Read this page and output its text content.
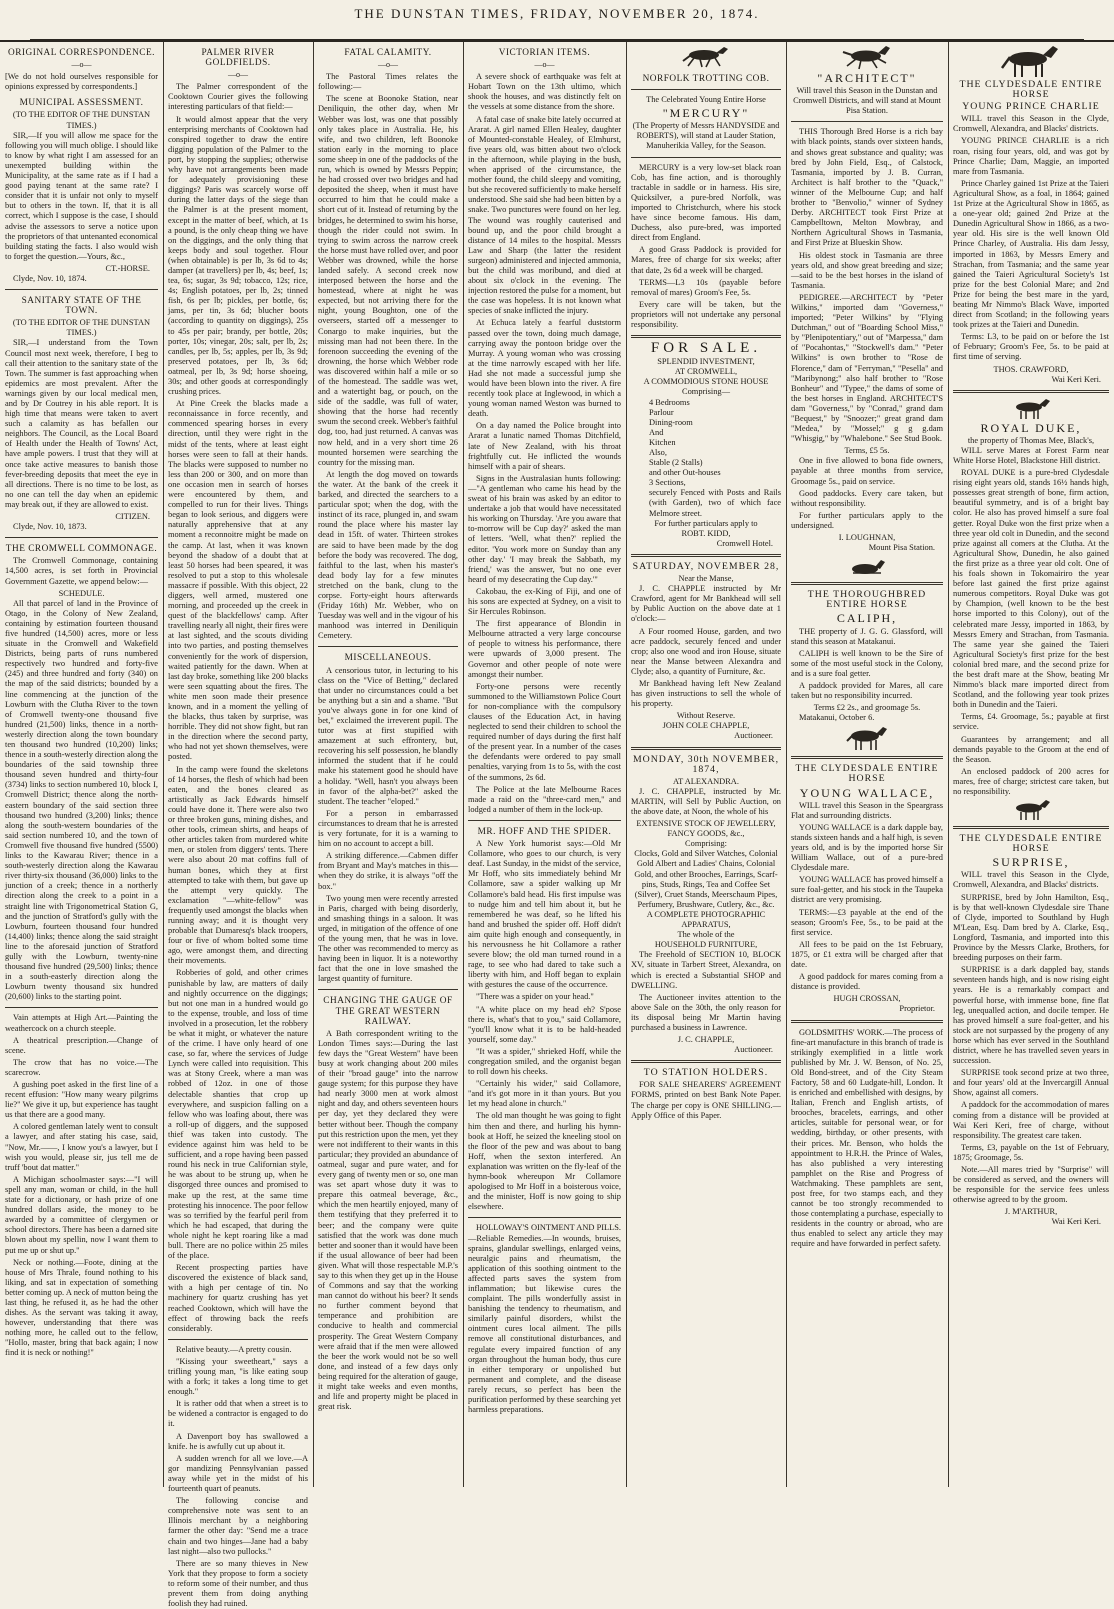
THE DUNSTAN TIMES, FRIDAY, NOVEMBER 20, 1874.
ORIGINAL CORRESPONDENCE.
—o—

[We do not hold ourselves responsible for opinions expressed by correspondents.]

MUNICIPAL ASSESSMENT.
(TO THE EDITOR OF THE DUNSTAN TIMES.)

SIR,—If you will allow me space for the following you will much oblige. I should like to know by what right I am assessed for an unexempted building within the Municipality, at the same rate as if I had a good paying tenant at the same rate? I consider that it is unfair not only to myself but to others in the town. If, that it is all correct, which I suppose is the case, I should advise the assessors to serve a notice upon the proprietors of that untenanted economical building stating the facts. I also would wish to forget the question.—Yours, &c.,

CT.-HORSE.

Clyde, Nov. 10, 1874.

SANITARY STATE OF THE TOWN.
(TO THE EDITOR OF THE DUNSTAN TIMES.)

SIR,—I understand from the Town Council most next week, therefore, I beg to call their attention to the sanitary state of the Town. The summer is fast approaching when epidemics are most prevalent. After the warnings given by our local medical men, and by Dr Coutrey in his able report. It is high time that means were taken to avert such a calamity as has befallen our neighbors. The Council, as the Local Board of Health under the Health of Towns' Act, have ample powers. I trust that they will at once take active measures to banish those fever-breeding deposits that meet the eye in all directions. There is no time to be lost, as no one can tell the day when an epidemic may break out, if they are allowed to exist.

CITIZEN.

Clyde, Nov. 10, 1873.

THE CROMWELL COMMONAGE.

The Cromwell Commonage, containing 14,500 acres, is set forth in Provincial Government Gazette, we append below:—

SCHEDULE.

All that parcel of land in the Province of Otago, in the Colony of New Zealand, containing by estimation fourteen thousand five hundred (14,500) acres, more or less situate in the Cromwell and Wakefield Districts, being parts of runs numbered respectively two hundred and forty-five (245) and three hundred and forty (340) on the map of the said districts; bounded by a line commencing at the junction of the Lowburn with the Clutha River to the town of Cromwell twenty-one thousand five hundred (21,500) links, thence in a north-westerly direction along the town boundary ten thousand two hundred (10,200) links; thence in a south-westerly direction along the boundaries of the said township three thousand seven hundred and thirty-four (3734) links to section numbered 10, block I, Cromwell District; thence along the north-eastern boundary of the said section three thousand two hundred (3,200) links; thence along the south-western boundaries of the said section numbered 10, and the town of Cromwell five thousand five hundred (5500) links to the Kawarau River; thence in a south-westerly direction along the Kawarau river thirty-six thousand (36,000) links to the junction of a creek; thence in a northerly direction along the creek to a point in a straight line with Trigonometrical Station G, and the junction of Stratford's gully with the Lowburn, fourteen thousand four hundred (14,400) links; thence along the said straight line to the aforesaid junction of Stratford gully with the Lowburn, twenty-nine thousand five hundred (29,500) links; thence in a south-easterly direction along the Lowburn twenty thousand six hundred (20,600) links to the starting point.

Vain attempts at High Art.—Painting the weathercock on a church steeple.

A theatrical prescription.—Change of scene.

The crow that has no voice.—The scarecrow.

A gushing poet asked in the first line of a recent effusion: "How many weary pilgrims lie?" We give it up, but experience has taught us that there are a good many.

A colored gentleman lately went to consult a lawyer, and after stating his case, said, "Now, Mr.——, I know you's a lawyer, but I wish you would, please sir, jus tell me de truff 'bout dat matter."

A Michigan schoolmaster says:—"I will spell any man, woman or child, in the hull state for a dictionary, or hash prize of one hundred dollars aside, the money to be awarded by a committee of clergymen or school directors. There has been a darned site blown about my spellin, now I want them to put me up or shut up."

Neck or nothing.—Foote, dining at the house of Mrs Thrale, found nothing to his liking, and sat in expectation of something better coming up. A neck of mutton being the last thing, he refused it, as he had the other dishes. As the servant was taking it away, however, understanding that there was nothing more, he called out to the fellow, "Hollo, master, bring that back again; I now find it is neck or nothing!"

PALMER RIVER GOLDFIELDS.
—o—

The Palmer correspondent of the Cooktown Courier gives the following interesting particulars of that field:—

It would almost appear that the very enterprising merchants of Cooktown had conspired together to draw the entire digging population of the Palmer to the port, by stopping the supplies; otherwise why have not arrangements been made for adequately provisioning these diggings? Paris was scarcely worse off during the latter days of the siege than the Palmer is at the present moment, except in the matter of beef, which, at 1s a pound, is the only cheap thing we have on the diggings, and the only thing that keeps body and soul together. Flour (when obtainable) is per lb, 3s 6d to 4s; damper (at travellers) per lb, 4s; beef, 1s; tea, 6s; sugar, 3s 9d; tobacco, 12s; rice, 4s; English potatoes, per lb, 2s; tinned fish, 6s per lb; pickles, per bottle, 6s; jams, per tin, 3s 6d; blucher boots (according to quantity on diggings), 25s to 45s per pair; brandy, per bottle, 20s; porter, 10s; vinegar, 20s; salt, per lb, 2s; candles, per lb, 5s; apples, per lb, 3s 9d; preserved potatoes, per lb, 3s 6d; oatmeal, per lb, 3s 9d; horse shoeing, 30s; and other goods at correspondingly crushing prices.

At Pine Creek the blacks made a reconnaissance in force recently, and commenced spearing horses in every direction, until they were right in the midst of the tents, where at least eight horses were seen to fall at their hands. The blacks were supposed to number no less than 200 or 300, and on more than one occasion men in search of horses were encountered by them, and compelled to run for their lives. Things began to look serious, and diggers were naturally apprehensive that at any moment a reconnoitre might be made on the camp. At last, when it was known beyond the shadow of a doubt that at least 50 horses had been speared, it was resolved to put a stop to this wholesale massacre if possible. With this object, 22 diggers, well armed, mustered one morning, and proceeded up the creek in quest of the blackfellows' camp. After travelling nearly all night, their fires were at last sighted, and the scouts dividing into two parties, and posting themselves conveniently for the work of dispersion, waited patiently for the dawn. When at last day broke, something like 200 blacks were seen squatting about the fires. The white men soon made their presence known, and in a moment the yelling of the blacks, thus taken by surprise, was horrible. They did not show fight, but ran in the direction where the second party, who had not yet shown themselves, were posted.

In the camp were found the skeletons of 14 horses, the flesh of which had been eaten, and the bones cleared as artistically as Jack Edwards himself could have done it. There were also two or three broken guns, mining dishes, and other tools, crimean shirts, and heaps of other articles taken from murdered white men, or stolen from diggers' tents. There were also about 20 mat coffins full of human bones, which they at first attempted to take with them, but gave up the attempt very quickly. The exclamation "—white-fellow" was frequently used amongst the blacks when running away; and it is thought very probable that Dumaresq's black troopers, four or five of whom bolted some time ago, were amongst them, and directing their movements.

Robberies of gold, and other crimes punishable by law, are matters of daily and nightly occurrence on the diggings; but not one man in a hundred would go to the expense, trouble, and loss of time involved in a prosecution, let the robbery be what it might, or whatever the nature of the crime. I have only heard of one case, so far, where the services of Judge Lynch were called into requisition. This was at Stony Creek, where a man was robbed of 12oz. in one of those delectable shanties that crop up everywhere, and suspicion falling on a fellow who was loafing about, there was a roll-up of diggers, and the supposed thief was taken into custody. The evidence against him was held to be sufficient, and a rope having been passed round his neck in true Californian style, he was about to be strung up, when he disgorged three ounces and promised to make up the rest, at the same time protesting his innocence. The poor fellow was so terrified by the fearful peril from which he had escaped, that during the whole night he kept roaring like a mad bull. There are no police within 25 miles of the place.

Recent prospecting parties have discovered the existence of black sand, with a high per centage of tin. No machinery for quartz crushing has yet reached Cooktown, which will have the effect of throwing back the reefs considerably.

Relative beauty.—A pretty cousin.

"Kissing your sweetheart," says a trifling young man, "is like eating soup with a fork; it takes a long time to get enough."

It is rather odd that when a street is to be widened a contractor is engaged to do it.

A Davenport boy has swallowed a knife. he is awfully cut up about it.

A sudden wrench for all we love.—A gor mandizing Pennsylvanian passed away while yet in the midst of his fourteenth quart of peanuts.

The following concise and comprehensive note was sent to an Illinois merchant by a neighboring farmer the other day: "Send me a trace chain and two hinges—Jane had a baby last night—also two pullocks."

There are so many thieves in New York that they propose to form a society to reform some of their number, and thus prevent them from doing anything foolish they had ruined.

FATAL CALAMITY.
—o—

The Pastoral Times relates the following:—

The scene at Boonoke Station, near Deniliquin, the other day, when Mr Webber was lost, was one that possibly only takes place in Australia. He, his wife, and two children, left Boonoke station early in the morning to place some sheep in one of the paddocks of the run, which is owned by Messrs Peppin; he had crossed over two bridges and had deposited the sheep, when it must have occurred to him that he could make a short cut of it. Instead of returning by the bridges, he determined to swim his horse, though the rider could not swim. In trying to swim across the narrow creek the horse must have rolled over, and poor Webber was drowned, while the horse landed safely. A second creek now interposed between the horse and the homestead, where at night he was expected, but not arriving there for the night, young Boughton, one of the overseers, started off a messenger to Conargo to make inquiries, but the missing man had not been there. In the forenoon succeeding the evening of the drowning, the horse which Webber rode was discovered within half a mile or so of the homestead. The saddle was wet, and a watertight bag, or pouch, on the side of the saddle, was full of water, showing that the horse had recently swum the second creek. Webber's faithful dog, too, had just returned. A canvas was now held, and in a very short time 26 mounted horsemen were searching the country for the missing man.

At length the dog moved on towards the water. At the bank of the creek it barked, and directed the searchers to a particular spot; when the dog, with the instinct of its race, plunged in, and swam round the place where his master lay dead in 15ft. of water. Thirteen strokes are said to have been made by the dog before the body was recovered. The dog, faithful to the last, when his master's dead body lay for a few minutes stretched on the bank, clung to the corpse. Forty-eight hours afterwards (Friday 16th) Mr. Webber, who on Tuesday was well and in the vigour of his manhood was interred in Deniliquin Cemetery.

MISCELLANEOUS.

A censorious tutor, in lecturing to his class on the "Vice of Betting," declared that under no circumstances could a bet be anything but a sin and a shame. "But you've always gone in for one kind of bet," exclaimed the irreverent pupil. The tutor was at first stupified with amazement at such effrontery, but, recovering his self possession, he blandly informed the student that if he could make his statement good he should have a holiday. "Well, hasn't you always been in favor of the alpha-bet?" asked the student. The teacher "eloped."

For a person in embarrassed circumstances to dream that he is arrested is very fortunate, for it is a warning to him on no account to accept a bill.

A striking difference.—Cabmen differ from Bryant and May's matches in this—when they do strike, it is always "off the box."

Two young men were recently arrested in Paris, charged with being disorderly, and smashing things in a saloon. It was urged, in mitigation of the offence of one of the young men, that he was in love. The other was recommended to mercy as having been in liquor. It is a noteworthy fact that the one in love smashed the largest quantity of furniture.

CHANGING THE GAUGE OF THE GREAT WESTERN RAILWAY.

A Bath correspondent writing to the London Times says:—During the last few days the "Great Western" have been busy at work changing about 200 miles of their "broad gauge" into the narrow gauge system; for this purpose they have had nearly 3000 men at work almost night and day, and others seventeen hours per day, yet they declared they were better without beer. Though the company put this restriction upon the men, yet they were not indifferent to their wants in this particular; they provided an abundance of oatmeal, sugar and pure water, and for every gang of twenty men or so, one man was set apart whose duty it was to prepare this oatmeal beverage, &c., which the men heartily enjoyed, many of them testifying that they preferred it to beer; and the company were quite satisfied that the work was done much better and sooner than it would have been if the usual allowance of beer had been given. What will those respectable M.P.'s say to this when they get up in the House of Commons and say that the working man cannot do without his beer? It sends no further comment beyond that temperance and prohibition are conducive to health and commercial prosperity. The Great Western Company were afraid that if the men were allowed the beer the work would not be so well done, and instead of a few days only being required for the alteration of gauge, it might take weeks and even months, and life and property might be placed in great risk.

VICTORIAN ITEMS.
—o—

A severe shock of earthquake was felt at Hobart Town on the 13th ultimo, which shook the houses, and was distinctly felt on the vessels at some distance from the shore.

A fatal case of snake bite lately occurred at Ararat. A girl named Ellen Healey, daughter of Mounted-constable Healey, of Elmhurst, five years old, was bitten about two o'clock in the afternoon, while playing in the bush, when apprised of the circumstance, the mother found, the child sleepy and vomiting, but she recovered sufficiently to make herself understood. She said she had been bitten by a snake. Two punctures were found on her leg. The wound was roughly cauterised and bound up, and the poor child brought a distance of 14 miles to the hospital. Messrs Law and Sharp (the latter the resident surgeon) administered and injected ammonia, but the child was moribund, and died at about six o'clock in the evening. The injection restored the pulse for a moment, but the case was hopeless. It is not known what species of snake inflicted the injury.

At Echuca lately a fearful duststorm passed over the town, doing much damage, carrying away the pontoon bridge over the Murray. A young woman who was crossing at the time narrowly escaped with her life. Had she not made a successful jump she would have been blown into the river. A fire recently took place at Inglewood, in which a young woman named Weston was burned to death.

On a day named the Police brought into Ararat a lunatic named Thomas Ditchfield, late of New Zealand, with his throat frightfully cut. He inflicted the wounds himself with a pair of shears.

Signs in the Australasian hunts following:—"A gentleman who came his head by the sweat of his brain was asked by an editor to undertake a job that would have necessitated his working on Thursday. 'Are you aware that to-morrow will be Cup day?' asked the man of letters. 'Well, what then?' replied the editor. 'You work more on Sunday than any other day.' 'I may break the Sabbath, my friend,' was the answer, 'but no one ever heard of my desecrating the Cup day.'"

Cakobau, the ex-King of Fiji, and one of his sons are expected at Sydney, on a visit to Sir Hercules Robinson.

The first appearance of Blondin in Melbourne attracted a very large concourse of people to witness his performance, there were upwards of 3,000 present. The Governor and other people of note were amongst their number.

Forty-one persons were recently summoned to the Williamstown Police Court for non-compliance with the compulsory clauses of the Education Act, in having neglected to send their children to school the required number of days during the first half of the present year. In a number of the cases the defendants were ordered to pay small penalties, varying from 1s to 5s, with the cost of the summons, 2s 6d.

The Police at the late Melbourne Races made a raid on the "three-card men," and lodged a number of them in the lock-up.

MR. HOFF AND THE SPIDER.

A New York humorist says:—Old Mr Collamore, who goes to our church, is very deaf. Last Sunday, in the midst of the service, Mr Hoff, who sits immediately behind Mr Collamore, saw a spider walking up Mr Collamore's bald head. His first impulse was to nudge him and tell him about it, but he remembered he was deaf, so he lifted his hand and brushed the spider off. Hoff didn't aim quite high enough and consequently, in his nervousness he hit Collamore a rather severe blow; the old man turned round in a rage, to see who had dared to take such a liberty with him, and Hoff began to explain with gestures the cause of the occurrence.

"There was a spider on your head."

"A white place on my head eh? S'pose there is, what's that to you," said Collamore, "you'll know what it is to be hald-headed yourself, some day."

"It was a spider," shrieked Hoff, while the congregation smiled, and the organist began to roll down his cheeks.

"Certainly his wider," said Collamore, "and it's got more in it than yours. But you let my head alone in church."

The old man thought he was going to fight him then and there, and hurling his hymn-book at Hoff, he seized the kneeling stool on the floor of the pew and was about to bang Hoff, when the sexton interfered. An explanation was written on the fly-leaf of the hymn-book whereupon Mr Collamore apologised to Mr Hoff in a boisterous voice, and the minister, Hoff is now going to ship elsewhere.

HOLLOWAY'S OINTMENT AND PILLS.—Reliable Remedies.—In wounds, bruises, sprains, glandular swellings, enlarged veins, neuralgic pains and rheumatism, the application of this soothing ointment to the affected parts saves the system from inflammation; but likewise cures the complaint. The pills wonderfully assist in banishing the tendency to rheumatism, and similarly painful disorders, whilst the ointment cures local ailment. The pills remove all constitutional disturbances, and regulate every impaired function of any organ throughout the human body, thus cure in either temporary or unpolished but permanent and complete, and the disease rarely recurs, so perfect has been the purification performed by these searching yet harmless preparations.

NORFOLK TROTTING COB.
The Celebrated Young Entire Horse
"MERCURY"
(The Property of Messrs HANDYSIDE and ROBERTS), will stand at Lauder Station, Manuherikia Valley, for the Season.

MERCURY is a very low-set black roan Cob, has fine action, and is thoroughly tractable in saddle or in harness. His sire, Quicksilver, a pure-bred Norfolk, was imported to Christchurch, where his stock have since become famous. His dam, Duchess, also pure-bred, was imported direct from England.

A good Grass Paddock is provided for Mares, free of charge for six weeks; after that date, 2s 6d a week will be charged.

TERMS—L3 10s (payable before removal of mares) Groom's Fee, 5s.

Every care will be taken, but the proprietors will not undertake any personal responsibility.

FOR SALE.
SPLENDID INVESTMENT,
AT CROMWELL,
A COMMODIOUS STONE HOUSE
Comprising—
4 Bedrooms
Parlour
Dining-room
And
Kitchen
Also,
Stable (2 Stalls)
and other Out-houses
3 Sections,
securely Fenced with Posts and Rails (with Garden), two of which face Melmore street.
For further particulars apply to
ROBT. KIDD,
Cromwell Hotel.
SATURDAY, NOVEMBER 28,
Near the Manse,

J. C. CHAPPLE instructed by Mr Crawford, agent for Mr Bankhead will sell by Public Auction on the above date at 1 o'clock:—

A Four roomed House, garden, and two acre paddock, securely fenced and under crop; also one wood and iron House, situate near the Manse between Alexandra and Clyde; also, a quantity of Furniture, &c.

Mr Bankhead having left New Zealand has given instructions to sell the whole of his property.

Without Reserve.
JOHN COLE CHAPPLE,
Auctioneer.
MONDAY, 30th NOVEMBER, 1874,
AT ALEXANDRA.

J. C. CHAPPLE, instructed by Mr. MARTIN, will Sell by Public Auction, on the above date, at Noon, the whole of his

EXTENSIVE STOCK OF JEWELLERY, FANCY GOODS, &c.,
Comprising:
Clocks, Gold and Silver Watches, Colonial Gold Albert and Ladies' Chains, Colonial Gold, and other Brooches, Earrings, Scarf-pins, Studs, Rings, Tea and Coffee Set (Silver), Cruet Stands, Meerschaum Pipes, Perfumery, Brushware, Cutlery, &c., &c.
A COMPLETE PHOTOGRAPHIC APPARATUS,
The whole of the
HOUSEHOLD FURNITURE,

The Freehold of SECTION 10, BLOCK XV, situate in Tarbert Street, Alexandra, on which is erected a Substantial SHOP and DWELLING.

The Auctioneer invites attention to the above Sale on the 30th, the only reason for its disposal being Mr Martin having purchased a business in Lawrence.

J. C. CHAPPLE,
Auctioneer.
TO STATION HOLDERS.

FOR SALE SHEARERS' AGREEMENT FORMS, printed on best Bank Note Paper. The charge per copy is ONE SHILLING.—Apply Office of this Paper.

"ARCHITECT"
Will travel this Season in the Dunstan and Cromwell Districts, and will stand at Mount Pisa Station.

THIS Thorough Bred Horse is a rich bay with black points, stands over sixteen hands, and shows great substance and quality; was bred by John Field, Esq., of Calstock, Tasmania, imported by J. B. Curran, Architect is half brother to the "Quack," winner of the Melbourne Cup; and half brother to "Benvolio," winner of Sydney Derby. ARCHITECT took First Prize at Campbelltown, Melton Mowbray, and Northern Agricultural Shows in Tasmania, and First Prize at Blueskin Show.

His oldest stock in Tasmania are three years old, and show great breeding and size;—said to be the best horses in the island of Tasmania.

PEDIGREE.—ARCHITECT by "Peter Wilkins," imported dam "Governess," imported; "Peter Wilkins" by "Flying Dutchman," out of "Boarding School Miss," by "Plenipotentiary," out of "Marpessa," dam of "Pocahontas," "Stockwell's dam." "Peter Wilkins" is own brother to "Rose de Florence," dam of "Ferryman," "Pesella" and "Maribynong;" also half brother to "Rose Bonheur" and "Typee," the dams of some of the best horses in England. ARCHITECT'S dam "Governess," by "Conrad," grand dam "Bequest," by "Snoozer;" great grand dam "Medea," by "Mossel;" g g g.dam "Whisgig," by "Whalebone." See Stud Book.

Terms, £5 5s.

One in five allowed to bona fide owners, payable at three months from service, Groomage 5s., paid on service.

Good paddocks. Every care taken, but without responsibility.

For further particulars apply to the undersigned.

I. LOUGHNAN,
Mount Pisa Station.
THE THOROUGHBRED ENTIRE HORSE
CALIPH,

THE property of J. G. G. Glassford, will stand this season at Matakanui.

CALIPH is well known to be the Sire of some of the most useful stock in the Colony, and is a sure foal getter.

A paddock provided for Mares, all care taken but no responsibility incurred.

Terms £2 2s., and groomage 5s.

Matakanui, October 6.

THE CLYDESDALE ENTIRE HORSE
YOUNG WALLACE,

WILL travel this Season in the Speargrass Flat and surrounding districts.

YOUNG WALLACE is a dark dapple bay, stands sixteen hands and a half high, is seven years old, and is by the imported horse Sir William Wallace, out of a pure-bred Clydesdale mare.

YOUNG WALLACE has proved himself a sure foal-getter, and his stock in the Taupeka district are very promising.

TERMS:—£3 payable at the end of the season; Groom's Fee, 5s., to be paid at the first service.

All fees to be paid on the 1st February, 1875, or £1 extra will be charged after that date.

A good paddock for mares coming from a distance is provided.

HUGH CROSSAN,
Proprietor.

GOLDSMITHS' WORK.—The process of fine-art manufacture in this branch of trade is strikingly exemplified in a little work published by Mr. J. W. Benson, of No. 25, Old Bond-street, and of the City Steam Factory, 58 and 60 Ludgate-hill, London. It is enriched and embellished with designs, by Italian, French and English artists, of brooches, bracelets, earrings, and other articles, suitable for personal wear, or for wedding, birthday, or other presents, with their prices. Mr. Benson, who holds the appointment to H.R.H. the Prince of Wales, has also published a very interesting pamphlet on the Rise and Progress of Watchmaking. These pamphlets are sent, post free, for two stamps each, and they cannot be too strongly recommended to those contemplating a purchase, especially to residents in the country or abroad, who are thus enabled to select any article they may require and have forwarded in perfect safety.

THE CLYDESDALE ENTIRE HORSE
YOUNG PRINCE CHARLIE

WILL travel this Season in the Clyde, Cromwell, Alexandra, and Blacks' districts.

YOUNG PRINCE CHARLIE is a rich roan, rising four years, old, and was got by Prince Charlie; Dam, Maggie, an imported mare from Tasmania.

Prince Charley gained 1st Prize at the Taieri Agricultural Show, as a foal, in 1864; gained 1st Prize at the Agricultural Show in 1865, as a one-year old; gained 2nd Prize at the Dunedin Agricultural Show in 1866, as a two-year old. His sire is the well known Old Prince Charley, of Australia. His dam Jessy, imported in 1863, by Messrs Emery and Strachan, from Tasmania; and the same year gained the Taieri Agricultural Society's 1st prize for the best Colonial Mare; and 2nd Prize for being the best mare in the yard, beating Mr Nimmo's Black Wave, imported direct from Scotland; in the following years took prizes at the Taieri and Dunedin.

Terms: L3, to be paid on or before the 1st of February; Groom's Fee, 5s. to be paid at first time of serving.

THOS. CRAWFORD,
Wai Keri Keri.
ROYAL DUKE,
the property of Thomas Mee, Black's,

WILL serve Mares at Forest Farm near White Horse Hotel, Blackstone Hill district.

ROYAL DUKE is a pure-bred Clydesdale rising eight years old, stands 16½ hands high, possesses great strength of bone, firm action, beautiful symmetry, and is of a bright bay color. He also has proved himself a sure foal getter. Royal Duke won the first prize when a three year old colt in Dunedin, and the second prize against all comers at the Clutha. At the Agricultural Show, Dunedin, he also gained the first prize as a three year old colt. One of his foals shown in Tokomairiro the year before last gained the first prize against numerous competitors. Royal Duke was got by Champion, (well known to be the best horse imported to this Colony), out of the celebrated mare Jessy, imported in 1863, by Messrs Emery and Strachan, from Tasmania. The same year she gained the Taieri Agricultural Society's first prize for the best colonial bred mare, and the second prize for the best draft mare at the Show, beating Mr Nimmo's black mare imported direct from Scotland, and the following year took prizes both in Dunedin and the Taieri.

Terms, £4. Groomage, 5s.; payable at first service.

Guarantees by arrangement; and all demands payable to the Groom at the end of the Season.

An enclosed paddock of 200 acres for mares, free of charge; strictest care taken, but no responsibility.

THE CLYDESDALE ENTIRE HORSE
SURPRISE,

WILL travel this Season in the Clyde, Cromwell, Alexandra, and Blacks' districts.

SURPRISE, bred by John Hamilton, Esq., is by that well-known Clydesdale sire Thane of Clyde, imported to Southland by Hugh M'Lean, Esq. Dam bred by A. Clarke, Esq., Longford, Tasmania, and imported into this Province by the Messrs Clarke, Brothers, for breeding purposes on their farm.

SURPRISE is a dark dappled bay, stands seventeen hands high, and is now rising eight years. He is a remarkably compact and powerful horse, with immense bone, fine flat leg, unequalled action, and docile temper. He has proved himself a sure foal-getter, and his stock are not surpassed by the progeny of any horse which has ever served in the Southland district, where he has travelled seven years in succession.

SURPRISE took second prize at two three, and four years' old at the Invercargill Annual Show, against all comers.

A paddock for the accommodation of mares coming from a distance will be provided at Wai Keri Keri, free of charge, without responsibility. The greatest care taken.

Terms, £3, payable on the 1st of February, 1875; Groomage, 5s.

Note.—All mares tried by "Surprise" will be considered as served, and the owners will be responsible for the service fees unless otherwise agreed to by the groom.

J. M'ARTHUR,
Wai Keri Keri.
